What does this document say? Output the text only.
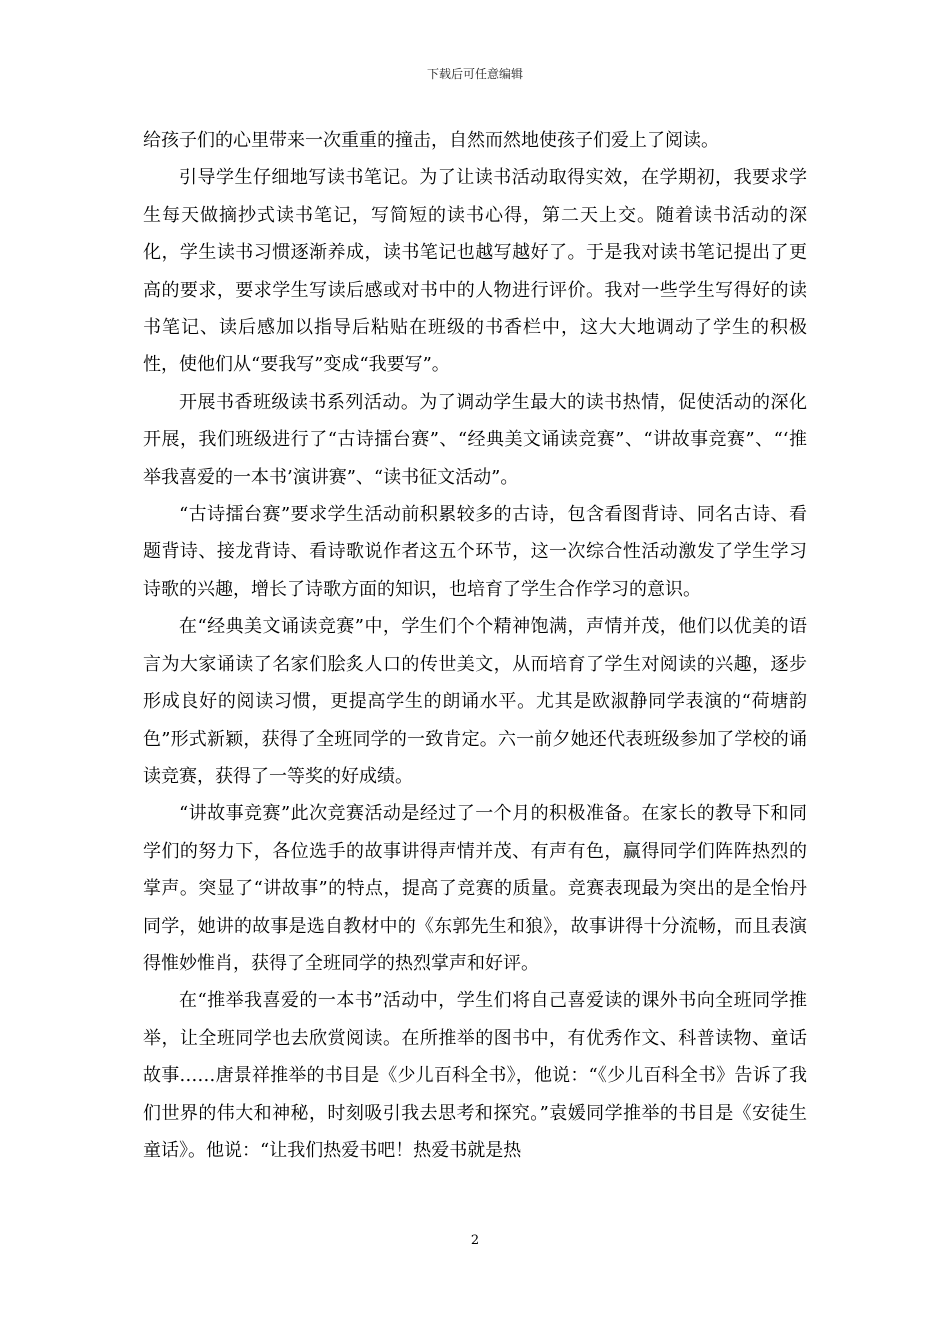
下载后可任意编辑

给孩子们的心里带来一次重重的撞击，自然而然地使孩子们爱上了阅读。

引导学生仔细地写读书笔记。为了让读书活动取得实效，在学期初，我要求学生每天做摘抄式读书笔记，写简短的读书心得，第二天上交。随着读书活动的深化，学生读书习惯逐渐养成，读书笔记也越写越好了。于是我对读书笔记提出了更高的要求，要求学生写读后感或对书中的人物进行评价。我对一些学生写得好的读书笔记、读后感加以指导后粘贴在班级的书香栏中，这大大地调动了学生的积极性，使他们从“要我写”变成“我要写”。

开展书香班级读书系列活动。为了调动学生最大的读书热情，促使活动的深化开展，我们班级进行了“古诗擂台赛”、“经典美文诵读竞赛”、“讲故事竞赛”、“‘推举我喜爱的一本书’演讲赛”、“读书征文活动”。

“古诗擂台赛”要求学生活动前积累较多的古诗，包含看图背诗、同名古诗、看题背诗、接龙背诗、看诗歌说作者这五个环节，这一次综合性活动激发了学生学习诗歌的兴趣，增长了诗歌方面的知识，也培育了学生合作学习的意识。

在“经典美文诵读竞赛”中，学生们个个精神饱满，声情并茂，他们以优美的语言为大家诵读了名家们脍炙人口的传世美文，从而培育了学生对阅读的兴趣，逐步形成良好的阅读习惯，更提高学生的朗诵水平。尤其是欧淑静同学表演的“荷塘韵色”形式新颖，获得了全班同学的一致肯定。六一前夕她还代表班级参加了学校的诵读竞赛，获得了一等奖的好成绩。

“讲故事竞赛”此次竞赛活动是经过了一个月的积极准备。在家长的教导下和同学们的努力下，各位选手的故事讲得声情并茂、有声有色，赢得同学们阵阵热烈的掌声。突显了“讲故事”的特点，提高了竞赛的质量。竞赛表现最为突出的是全怡丹同学，她讲的故事是选自教材中的《东郭先生和狼》，故事讲得十分流畅，而且表演得惟妙惟肖，获得了全班同学的热烈掌声和好评。

在“推举我喜爱的一本书”活动中，学生们将自己喜爱读的课外书向全班同学推举，让全班同学也去欣赏阅读。在所推举的图书中，有优秀作文、科普读物、童话故事……唐景祥推举的书目是《少儿百科全书》，他说：“《少儿百科全书》告诉了我们世界的伟大和神秘，时刻吸引我去思考和探究。”袁媛同学推举的书目是《安徒生童话》。他说：“让我们热爱书吧！热爱书就是热

2
